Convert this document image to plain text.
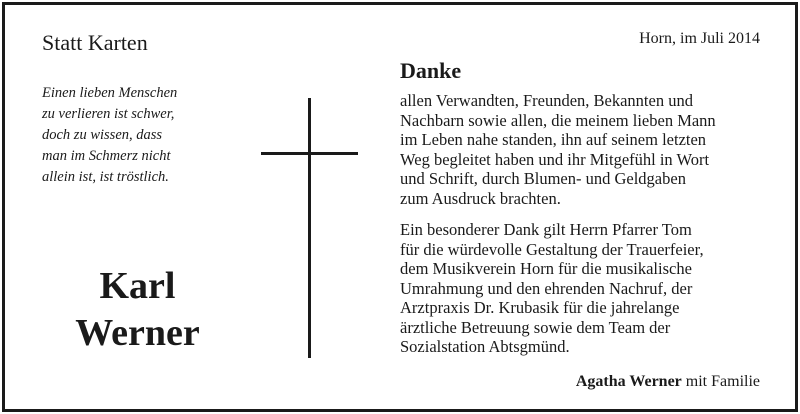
Statt Karten	Horn, im Juli 2014

Einen lieben Menschen
zu verlieren ist schwer,
doch zu wissen, dass
man im Schmerz nicht
allein ist, ist tröstlich.
Karl
Werner

Danke

allen Verwandten, Freunden, Bekannten und
Nachbarn sowie allen, die meinem lieben Mann
im Leben nahe standen, ihn auf seinem letzten
Weg begleitet haben und ihr Mitgefühl in Wort
und Schrift, durch Blumen- und Geldgaben
zum Ausdruck brachten.
Ein besonderer Dank gilt Herrn Pfarrer Tom
für die würdevolle Gestaltung der Trauerfeier,
dem Musikverein Horn für die musikalische
Umrahmung und den ehrenden Nachruf, der
Arztpraxis Dr. Krubasik für die jahrelange
ärztliche Betreuung sowie dem Team der
Sozialstation Abtsgmünd.

Agatha Werner mit Familie
